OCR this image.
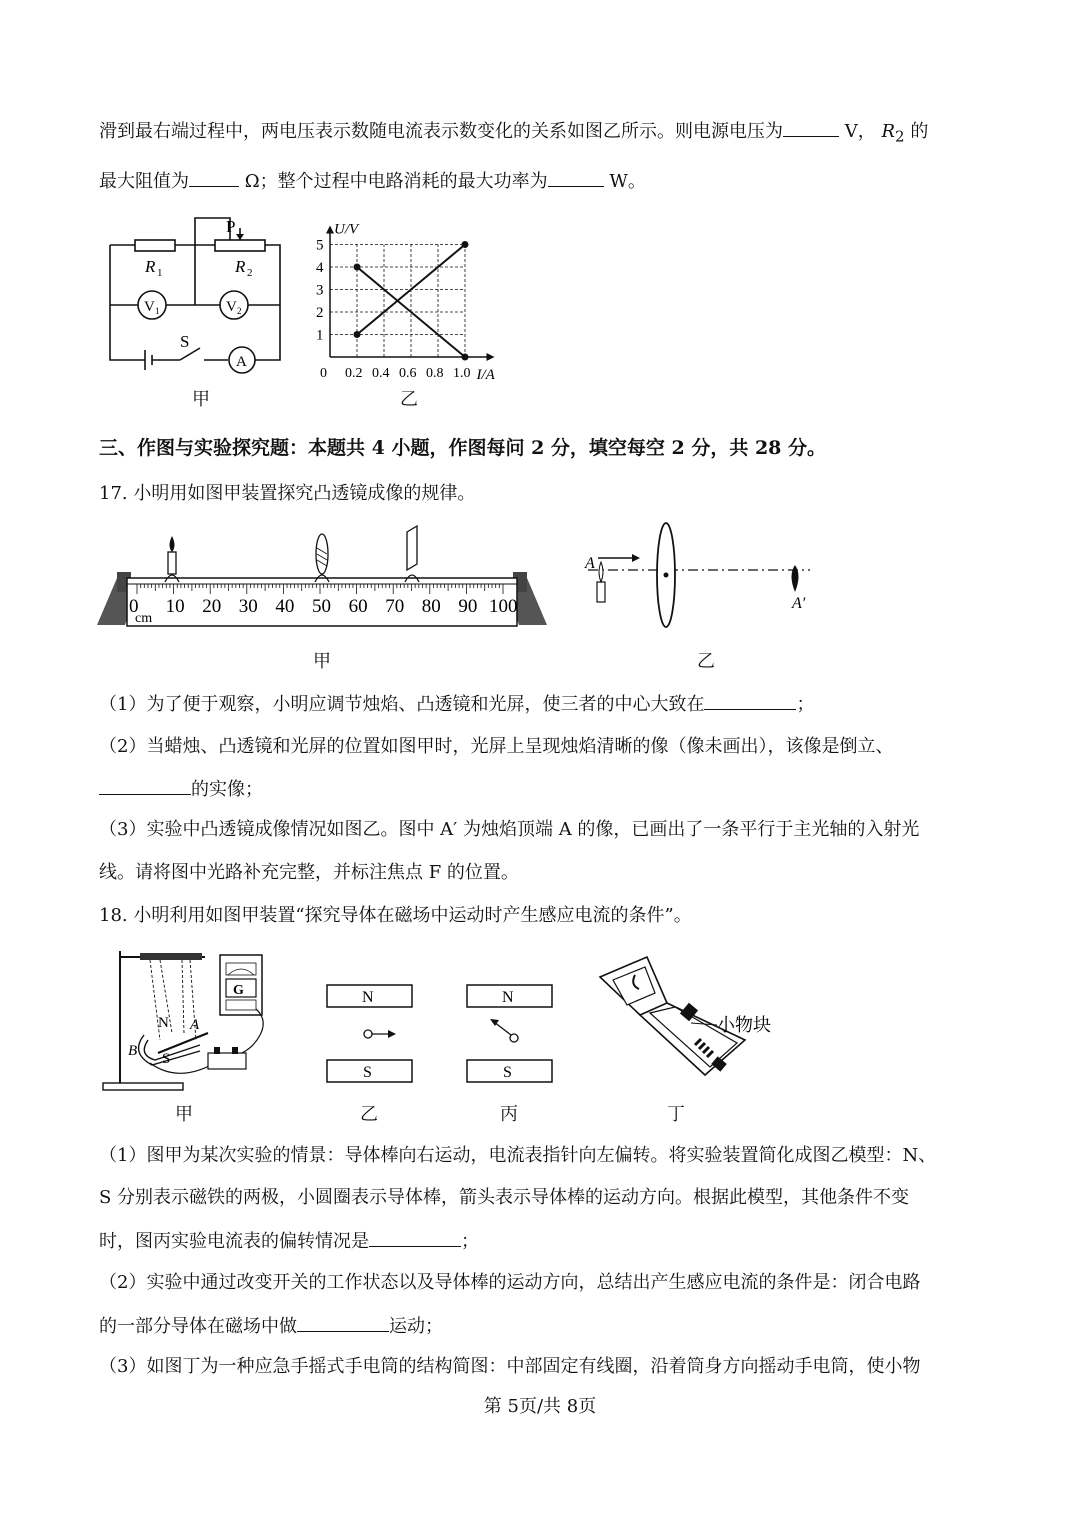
滑到最右端过程中，两电压表示数随电流表示数变化的关系如图乙所示。则电源电压为	V， $R_2$ 的
最大阻值为	Ω；整个过程中电路消耗的最大功率为	W。
P
R 1	R 2
V 1	V 2
A
S
甲
1
2
3
4
5
0 0.2 0.4 0.6 0.8 1.0
U/V
I/A
乙
三、作图与实验探究题：本题共 4 小题，作图每问 2 分，填空每空 2 分，共 28 分。
17. 小明用如图甲装置探究凸透镜成像的规律。
0 10 20 30 40 50 60 70 80 90 100
cm
甲
A
A′
乙
（1）为了便于观察，小明应调节烛焰、凸透镜和光屏，使三者的中心大致在	；
（2）当蜡烛、凸透镜和光屏的位置如图甲时，光屏上呈现烛焰清晰的像（像未画出），该像是倒立、
的实像；
（3）实验中凸透镜成像情况如图乙。图中 A′ 为烛焰顶端 A 的像，已画出了一条平行于主光轴的入射光
线。请将图中光路补充完整，并标注焦点 F 的位置。
18. 小明利用如图甲装置“探究导体在磁场中运动时产生感应电流的条件”。
N
S
A
B
G
甲
N
S
乙
N
S
丙
小物块
丁
（1）图甲为某次实验的情景：导体棒向右运动，电流表指针向左偏转。将实验装置简化成图乙模型：N、
S 分别表示磁铁的两极，小圆圈表示导体棒，箭头表示导体棒的运动方向。根据此模型，其他条件不变
时，图丙实验电流表的偏转情况是	；
（2）实验中通过改变开关的工作状态以及导体棒的运动方向，总结出产生感应电流的条件是：闭合电路
的一部分导体在磁场中做	运动；
（3）如图丁为一种应急手摇式手电筒的结构简图：中部固定有线圈，沿着筒身方向摇动手电筒，使小物
第 5页/共 8页
